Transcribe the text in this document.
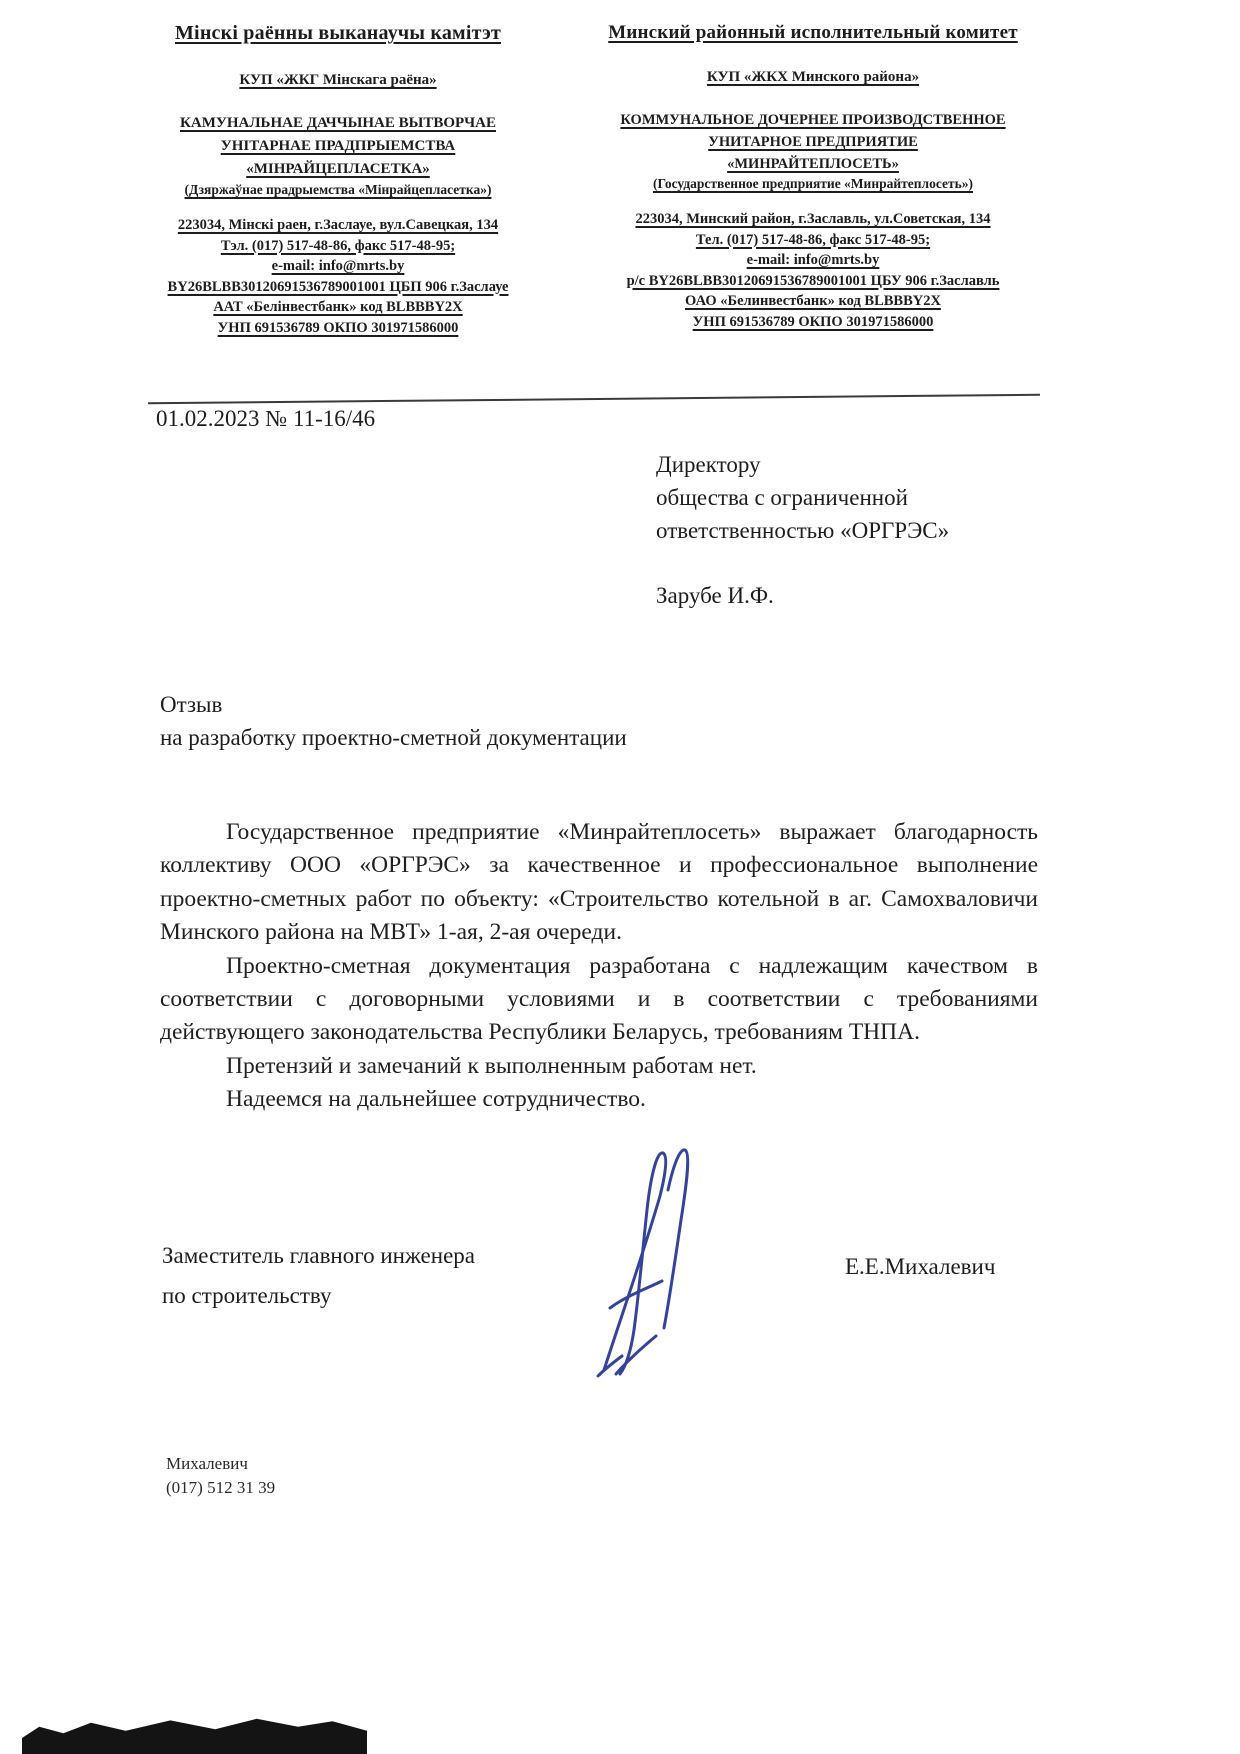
Мінскі раённы выканаучы камітэт
КУП «ЖКГ Мінскага раёна»
КАМУНАЛЬНАЕ ДАЧЧЫНАЕ ВЫТВОРЧАЕ
УНІТАРНАЕ ПРАДПРЫЕМСТВА
«МІНРАЙЦЕПЛАСЕТКА»
(Дзяржаўнае прадрыемства «Мінрайцепласетка»)
223034, Мінскі раен, г.Заслауе, вул.Савецкая, 134
Тэл. (017) 517-48-86, факс 517-48-95;
e-mail: info@mrts.by
BY26BLBB30120691536789001001 ЦБП 906 г.Заслауе
ААТ «Белінвестбанк» код BLBBBY2X
УНП 691536789 ОКПО 301971586000
Минский районный исполнительный комитет
КУП «ЖКХ Минского района»
КОММУНАЛЬНОЕ ДОЧЕРНЕЕ ПРОИЗВОДСТВЕННОЕ
УНИТАРНОЕ ПРЕДПРИЯТИЕ
«МИНРАЙТЕПЛОСЕТЬ»
(Государственное предприятие «Минрайтеплосеть»)
223034, Минский район, г.Заславль, ул.Советская, 134
Тел. (017) 517-48-86, факс 517-48-95;
e-mail: info@mrts.by
р/с BY26BLBB30120691536789001001 ЦБУ 906 г.Заславль
ОАО «Белинвестбанк» код BLBBBY2X
УНП 691536789 ОКПО 301971586000
01.02.2023 № 11-16/46
Директору
общества с ограниченной
ответственностью «ОРГРЭС»
Зарубе И.Ф.
Отзыв
на разработку проектно-сметной документации

Государственное предприятие «Минрайтеплосеть» выражает благодарность коллективу ООО «ОРГРЭС» за качественное и профессиональное выполнение проектно-сметных работ по объекту: «Строительство котельной в аг. Самохваловичи Минского района на МВТ» 1-ая, 2-ая очереди.

Проектно-сметная документация разработана с надлежащим качеством в соответствии с договорными условиями и в соответствии с требованиями действующего законодательства Республики Беларусь, требованиям ТНПА.

Претензий и замечаний к выполненным работам нет.

Надеемся на дальнейшее сотрудничество.

Заместитель главного инженера
по строительству
Е.Е.Михалевич
Михалевич
(017) 512 31 39
